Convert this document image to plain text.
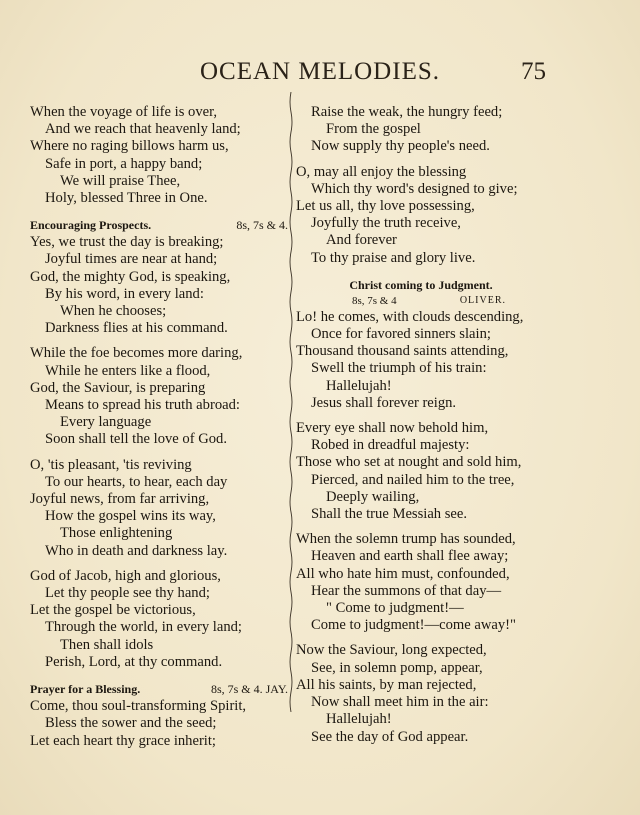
OCEAN MELODIES.	75
When the voyage of life is over,
And we reach that heavenly land;
Where no raging billows harm us,
Safe in port, a happy band;
We will praise Thee,
Holy, blessed Three in One.
Encouraging Prospects.	8s, 7s & 4.
Yes, we trust the day is breaking;
Joyful times are near at hand;
God, the mighty God, is speaking,
By his word, in every land:
When he chooses;
Darkness flies at his command.
While the foe becomes more daring,
While he enters like a flood,
God, the Saviour, is preparing
Means to spread his truth abroad:
Every language
Soon shall tell the love of God.
O, 'tis pleasant, 'tis reviving
To our hearts, to hear, each day
Joyful news, from far arriving,
How the gospel wins its way,
Those enlightening
Who in death and darkness lay.
God of Jacob, high and glorious,
Let thy people see thy hand;
Let the gospel be victorious,
Through the world, in every land;
Then shall idols
Perish, Lord, at thy command.
Prayer for a Blessing.	8s, 7s & 4. JAY.
Come, thou soul-transforming Spirit,
Bless the sower and the seed;
Let each heart thy grace inherit;
Raise the weak, the hungry feed;
From the gospel
Now supply thy people's need.
O, may all enjoy the blessing
Which thy word's designed to give;
Let us all, thy love possessing,
Joyfully the truth receive,
And forever
To thy praise and glory live.
Christ coming to Judgment.
8s, 7s & 4	OLIVER.
Lo! he comes, with clouds descending,
Once for favored sinners slain;
Thousand thousand saints attending,
Swell the triumph of his train:
Hallelujah!
Jesus shall forever reign.
Every eye shall now behold him,
Robed in dreadful majesty:
Those who set at nought and sold him,
Pierced, and nailed him to the tree,
Deeply wailing,
Shall the true Messiah see.
When the solemn trump has sounded,
Heaven and earth shall flee away;
All who hate him must, confounded,
Hear the summons of that day—
" Come to judgment!—
Come to judgment!—come away!"
Now the Saviour, long expected,
See, in solemn pomp, appear,
All his saints, by man rejected,
Now shall meet him in the air:
Hallelujah!
See the day of God appear.
